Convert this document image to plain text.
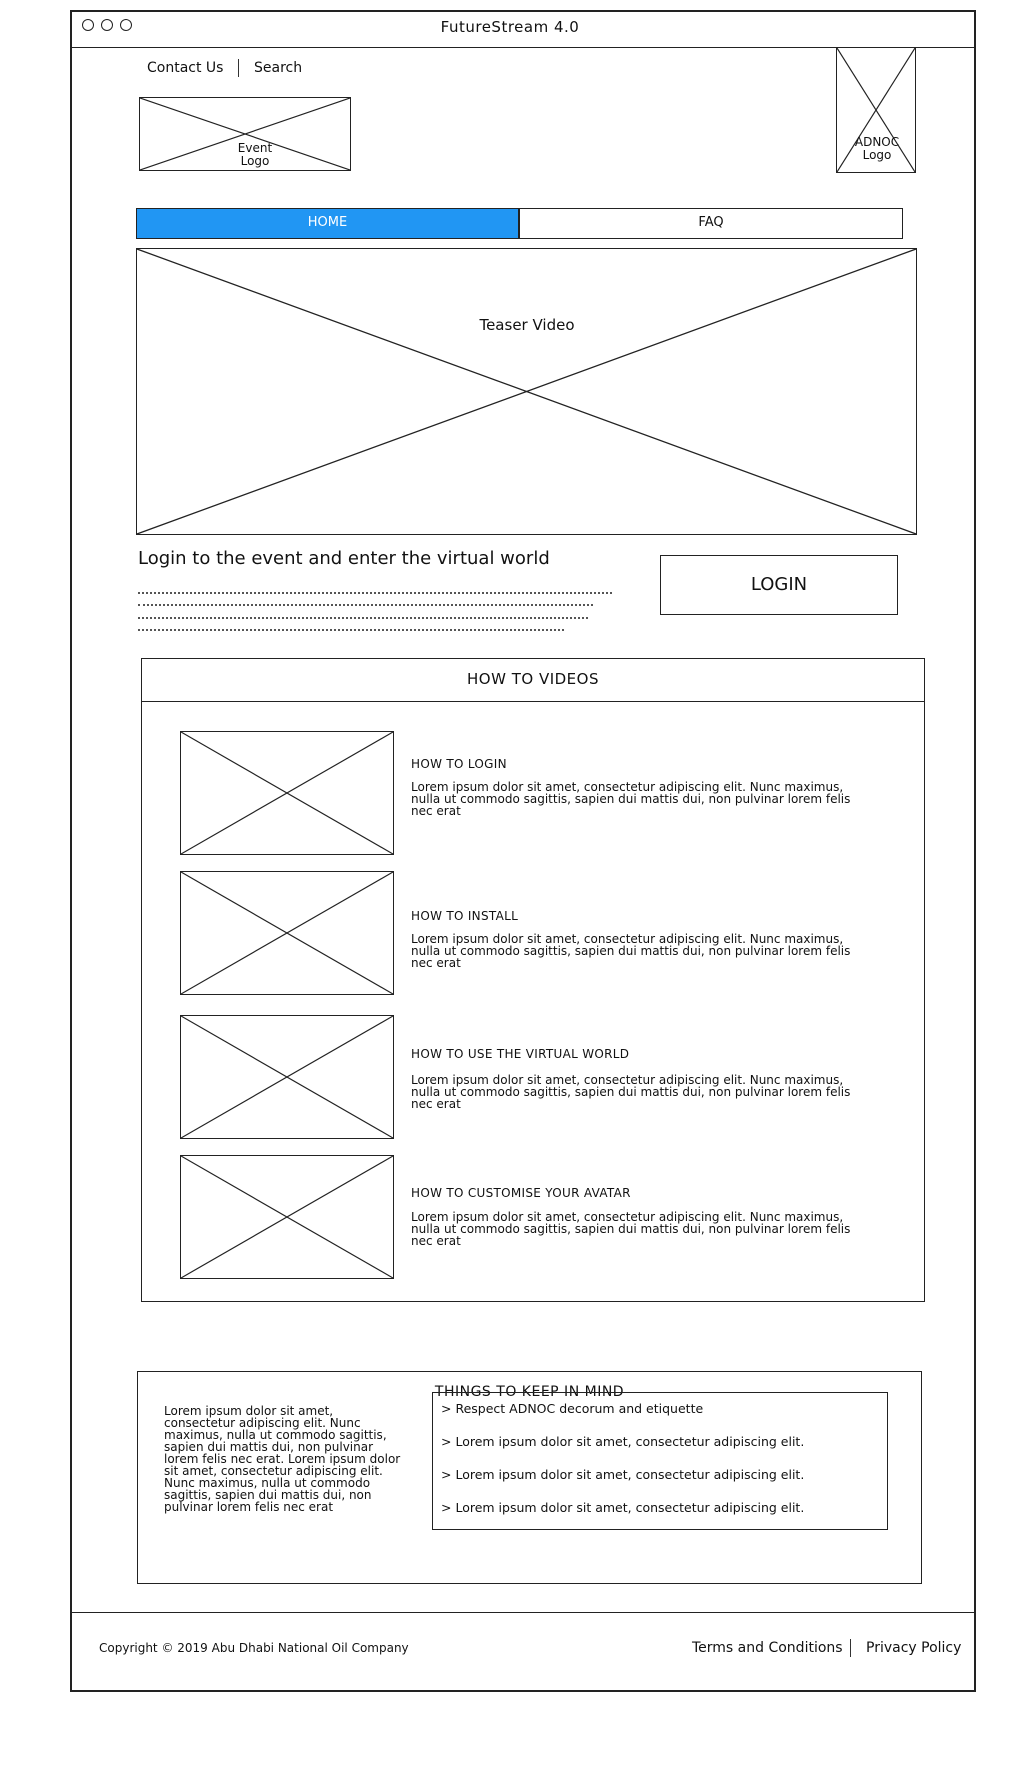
FutureStream 4.0
Contact Us Search
Event
Logo
ADNOC
Logo
HOME	FAQ
Teaser Video
Login to the event and enter the virtual world
LOGIN
HOW TO VIDEOS
HOW TO LOGIN
Lorem ipsum dolor sit amet, consectetur adipiscing elit. Nunc maximus, nulla ut commodo sagittis, sapien dui mattis dui, non pulvinar lorem felis nec erat
HOW TO INSTALL
Lorem ipsum dolor sit amet, consectetur adipiscing elit. Nunc maximus, nulla ut commodo sagittis, sapien dui mattis dui, non pulvinar lorem felis nec erat
HOW TO USE THE VIRTUAL WORLD
Lorem ipsum dolor sit amet, consectetur adipiscing elit. Nunc maximus, nulla ut commodo sagittis, sapien dui mattis dui, non pulvinar lorem felis nec erat
HOW TO CUSTOMISE YOUR AVATAR
Lorem ipsum dolor sit amet, consectetur adipiscing elit. Nunc maximus, nulla ut commodo sagittis, sapien dui mattis dui, non pulvinar lorem felis nec erat
THINGS TO KEEP IN MIND
Lorem ipsum dolor sit amet, consectetur adipiscing elit. Nunc maximus, nulla ut commodo sagittis, sapien dui mattis dui, non pulvinar lorem felis nec erat. Lorem ipsum dolor sit amet, consectetur adipiscing elit. Nunc maximus, nulla ut commodo sagittis, sapien dui mattis dui, non pulvinar lorem felis nec erat
> Respect ADNOC decorum and etiquette
> Lorem ipsum dolor sit amet, consectetur adipiscing elit.
> Lorem ipsum dolor sit amet, consectetur adipiscing elit.
> Lorem ipsum dolor sit amet, consectetur adipiscing elit.
Copyright © 2019 Abu Dhabi National Oil Company	Terms and Conditions Privacy Policy
